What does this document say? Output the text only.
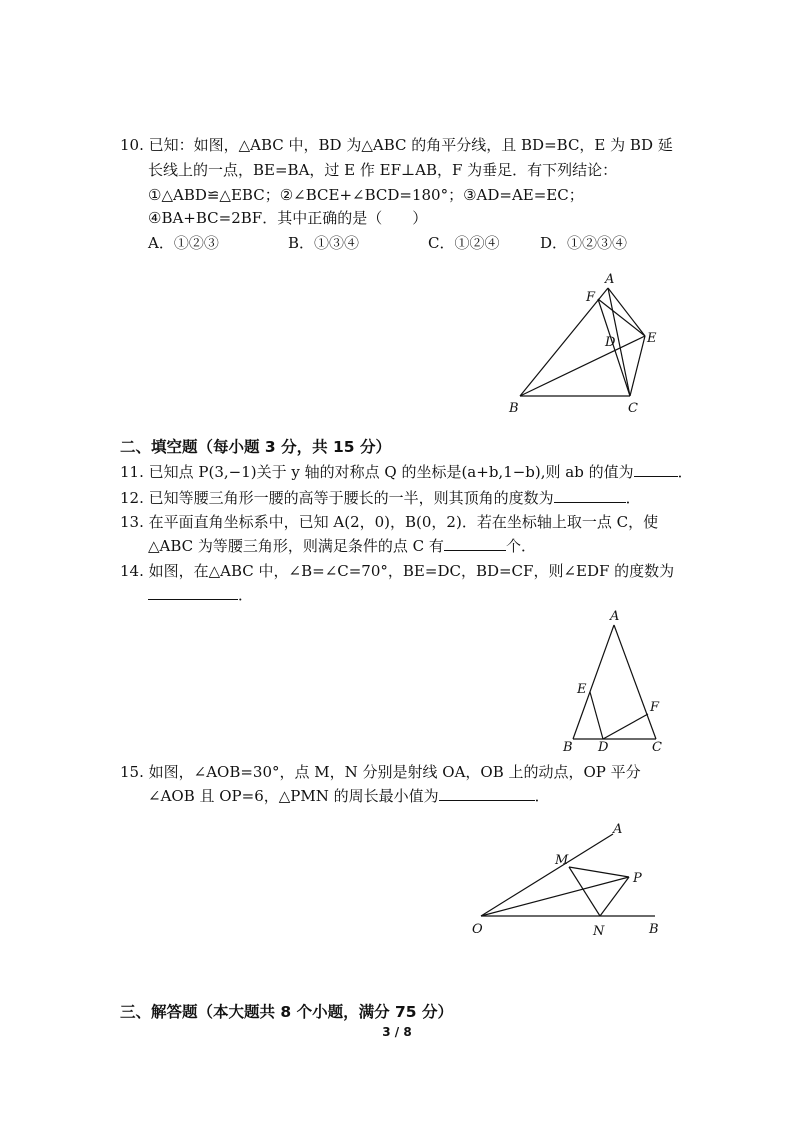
10. 已知：如图，△ABC 中，BD 为△ABC 的角平分线，且 BD=BC，E 为 BD 延
长线上的一点，BE=BA，过 E 作 EF⊥AB，F 为垂足．有下列结论：
①△ABD≌△EBC；②∠BCE+∠BCD=180°；③AD=AE=EC；
④BA+BC=2BF．其中正确的是（　　）
A．①②③	B．①③④	C．①②④	D．①②③④
A
F
E
D
B	C
二、填空题（每小题 3 分，共 15 分）
11. 已知点 P(3,−1)关于 y 轴的对称点 Q 的坐标是(a+b,1−b),则 ab 的值为	．
12. 已知等腰三角形一腰的高等于腰长的一半，则其顶角的度数为	．
13. 在平面直角坐标系中，已知 A(2，0)，B(0，2)．若在坐标轴上取一点 C，使
△ABC 为等腰三角形，则满足条件的点 C 有	个．
14. 如图，在△ABC 中，∠B=∠C=70°，BE=DC，BD=CF，则∠EDF 的度数为
．
A
E
F
B D	C
15. 如图，∠AOB=30°，点 M，N 分别是射线 OA，OB 上的动点，OP 平分
∠AOB 且 OP=6，△PMN 的周长最小值为	．
A
M
P
O	N	B
三、解答题（本大题共 8 个小题，满分 75 分）
3 / 8
